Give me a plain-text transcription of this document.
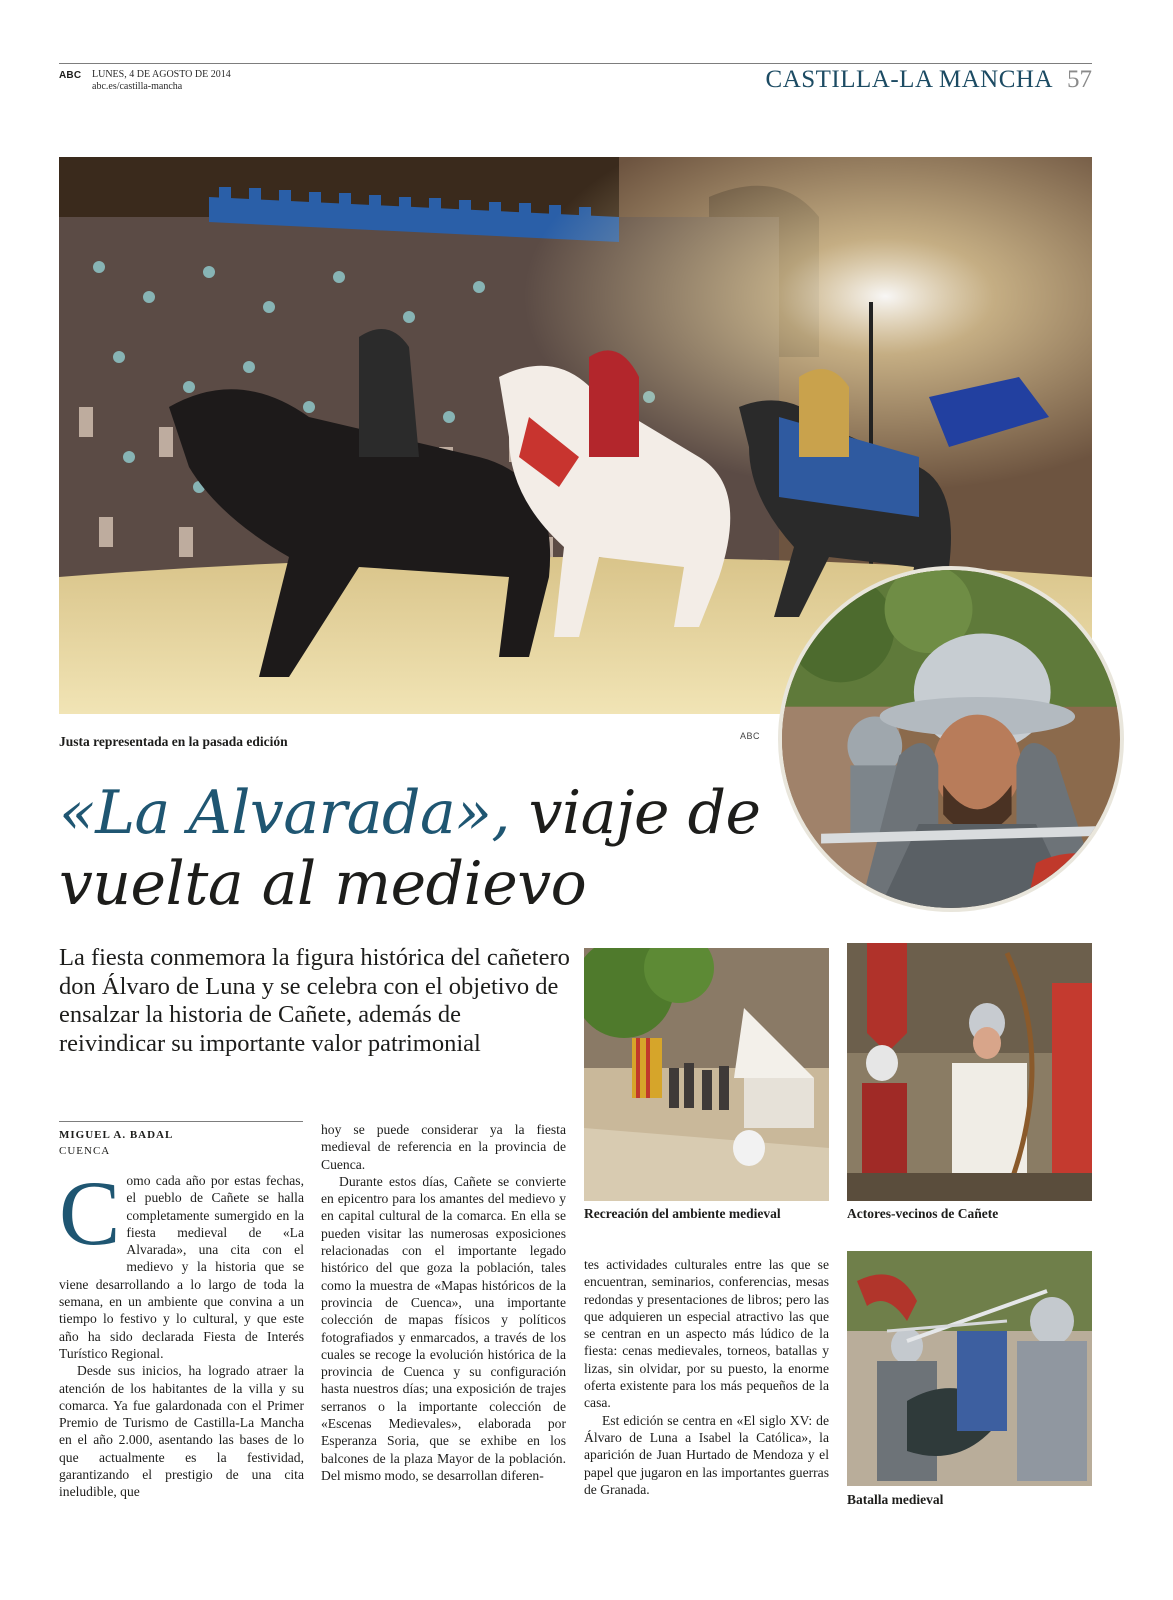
ABC LUNES, 4 DE AGOSTO DE 2014
abc.es/castilla-mancha	CASTILLA-LA MANCHA 57
Justa representada en la pasada edición	ABC
«La Alvarada», viaje de vuelta al medievo

La fiesta conmemora la figura histórica del cañetero don Álvaro de Luna y se celebra con el objetivo de ensalzar la historia de Cañete, además de reivindicar su importante valor patrimonial

MIGUEL A. BADAL
CUENCA
C omo cada año por estas fechas, el pueblo de Cañete se halla completamente sumergido en la fiesta medieval de «La Alvarada», una cita con el medievo y la historia que se viene desarrollando a lo largo de toda la semana, en un ambiente que convina a un tiempo lo festivo y lo cultural, y que este año ha sido declarada Fiesta de Interés Turístico Regional.

Desde sus inicios, ha logrado atraer la atención de los habitantes de la villa y su comarca. Ya fue galardonada con el Primer Premio de Turismo de Castilla-La Mancha en el año 2.000, asentando las bases de lo que actualmente es la festividad, garantizando el prestigio de una cita ineludible, que

hoy se puede considerar ya la fiesta medieval de referencia en la provincia de Cuenca.

Durante estos días, Cañete se convierte en epicentro para los amantes del medievo y en capital cultural de la comarca. En ella se pueden visitar las numerosas exposiciones relacionadas con el importante legado histórico del que goza la población, tales como la muestra de «Mapas históricos de la provincia de Cuenca», una importante colección de mapas físicos y políticos fotografiados y enmarcados, a través de los cuales se recoge la evolución histórica de la provincia de Cuenca y su configuración hasta nuestros días; una exposición de trajes serranos o la importante colección de «Escenas Medievales», elaborada por Esperanza Soria, que se exhibe en los balcones de la plaza Mayor de la población. Del mismo modo, se desarrollan diferen-

tes actividades culturales entre las que se encuentran, seminarios, conferencias, mesas redondas y presentaciones de libros; pero las que adquieren un especial atractivo las que se centran en un aspecto más lúdico de la fiesta: cenas medievales, torneos, batallas y lizas, sin olvidar, por su puesto, la enorme oferta existente para los más pequeños de la casa.

Est edición se centra en «El siglo XV: de Álvaro de Luna a Isabel la Católica», la aparición de Juan Hurtado de Mendoza y el papel que jugaron en las importantes guerras de Granada.

Recreación del ambiente medieval	Actores-vecinos de Cañete
Batalla medieval
